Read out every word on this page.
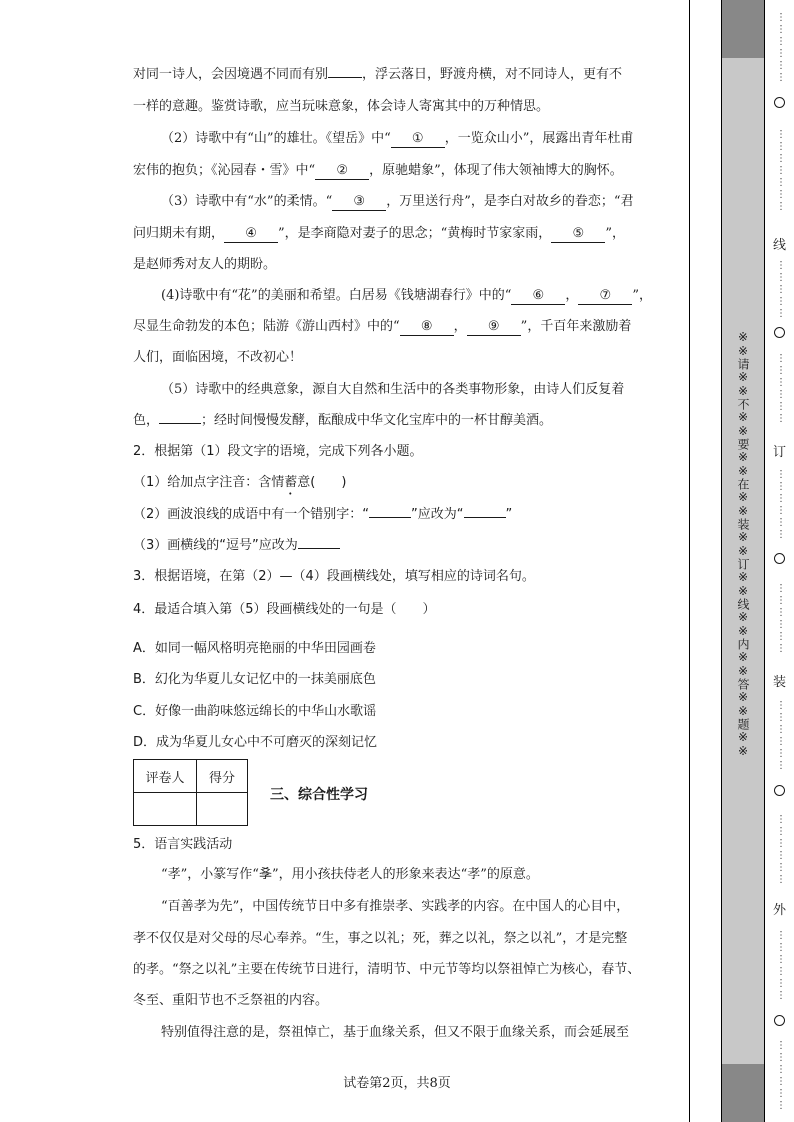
对同一诗人，会因境遇不同而有别	，浮云落日，野渡舟横，对不同诗人，更有不
一样的意趣。鉴赏诗歌，应当玩味意象，体会诗人寄寓其中的万种情思。
（2）诗歌中有“山”的雄壮。《望岳》中“ ① ，一览众山小”，展露出青年杜甫
宏伟的抱负；《沁园春・雪》中“ ② ，原驰蜡象”，体现了伟大领袖博大的胸怀。
（3）诗歌中有“水”的柔情。“ ③ ，万里送行舟”，是李白对故乡的眷恋；“君
问归期未有期， ④ ”，是李商隐对妻子的思念；“黄梅时节家家雨， ⑤ ”，
是赵师秀对友人的期盼。
(4)诗歌中有“花”的美丽和希望。白居易《钱塘湖春行》中的“ ⑥ ， ⑦ ”，
尽显生命勃发的本色；陆游《游山西村》中的“ ⑧ ， ⑨ ”，千百年来激励着
人们，面临困境，不改初心！
（5）诗歌中的经典意象，源自大自然和生活中的各类事物形象，由诗人们反复着
色，	；经时间慢慢发酵，酝酿成中华文化宝库中的一杯甘醇美酒。
2．根据第（1）段文字的语境，完成下列各小题。
（1）给加点字注音：含情蓄意(　　)
（2）画波浪线的成语中有一个错别字：“	”应改为“	”
（3）画横线的“逗号”应改为
3．根据语境，在第（2）—（4）段画横线处，填写相应的诗词名句。
4．最适合填入第（5）段画横线处的一句是（　　）
A．如同一幅风格明亮艳丽的中华田园画卷
B．幻化为华夏儿女记忆中的一抹美丽底色
C．好像一曲韵味悠远绵长的中华山水歌谣
D．成为华夏儿女心中不可磨灭的深刻记忆
5．语言实践活动
“孝”，小篆写作“𡥈”，用小孩扶侍老人的形象来表达“孝”的原意。
“百善孝为先”，中国传统节日中多有推崇孝、实践孝的内容。在中国人的心目中，
孝不仅仅是对父母的尽心奉养。“生，事之以礼；死，葬之以礼，祭之以礼”，才是完整
的孝。“祭之以礼”主要在传统节日进行，清明节、中元节等均以祭祖悼亡为核心，春节、
冬至、重阳节也不乏祭祖的内容。
特别值得注意的是，祭祖悼亡，基于血缘关系，但又不限于血缘关系，而会延展至
评卷人	得分

三、综合性学习
试卷第2页，共8页
※※请※※不※※要※※在※※装※※订※※线※※内※※答※※题※※
⋯⋯⋯⋯⋯⋯
⋯⋯⋯⋯⋯⋯⋯
线
⋯⋯⋯⋯⋯
⋯⋯⋯⋯⋯⋯
订
⋯⋯⋯⋯⋯⋯
⋯⋯⋯⋯⋯⋯
装
⋯⋯⋯⋯⋯⋯
⋯⋯⋯⋯⋯⋯
外
⋯⋯⋯⋯⋯⋯
⋯⋯⋯⋯⋯⋯
